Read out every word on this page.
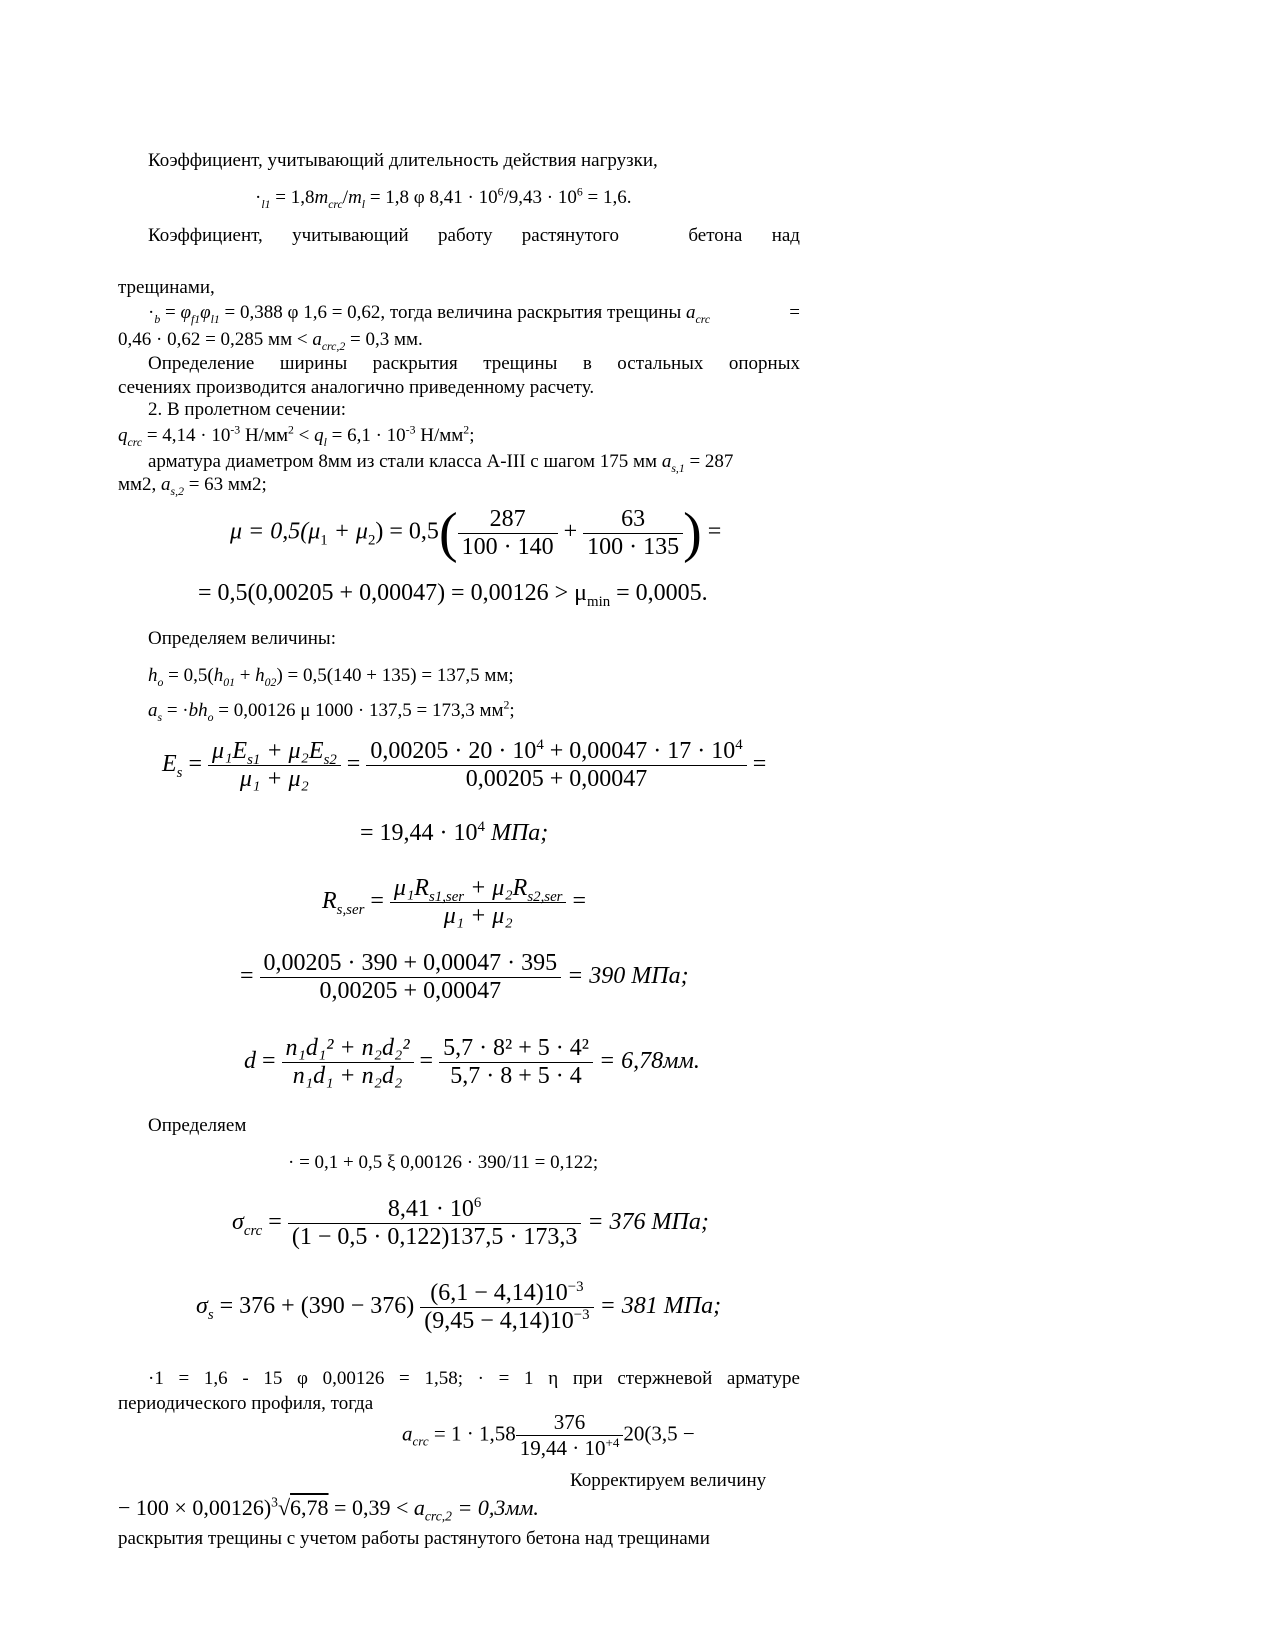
Коэффициент, учитывающий длительность действия нагрузки,
$\cdot_{l1} = 1,8m_{crc}/m_l = 1,8$ φ $8,41 \cdot 10^6/9,43 \cdot 10^6 = 1,6$.
Коэффициент, учитывающий работу растянутого	бетона над
трещинами,
$\cdot_b = \varphi_{f1}\varphi_{l1} = 0,388$ φ 1,6 = 0,62, тогда величина раскрытия трещины $a_{crc}$	=
0,46 · 0,62 = 0,285 мм < $a_{crc,2} = 0,3$ мм.
Определение ширины раскрытия трещины в остальных опорных
сечениях производится аналогично приведенному расчету.
2. В пролетном сечении:
$q_{crc} = 4,14 \cdot 10^{-3}$ $Н/мм^2 < q_l = 6,1 \cdot 10^{-3}$ $Н/мм^2$;
арматура диаметром 8мм из стали класса А-III с шагом 175 мм $a_{s,1} = 287$
мм2, $a_{s,2} = 63$ мм2;
$\mu = 0,5(\mu_1 + \mu_2) = 0,5( \frac{287}{100 \cdot 140} + \frac{63}{100 \cdot 135}$ ) =
= $0,5(0,00205 + 0,00047) = 0,00126 > \mu_{min} = 0,0005$.
Определяем величины:
$h_o = 0,5(h_{01} + h_{02}) = 0,5(140 + 135) = 137,5$ мм;
$a_s = \cdot bh_o = 0,00126$ μ 1000 · 137,5 = 173,3 $мм^2$;
$E_s = \frac{\mu_1E_{s1} + \mu_2E_{s2}}{\text{μ₁ + μ₂}} = \frac{0,00205 \cdot 20 \cdot 10^4 + 0,00047 \cdot 17 \cdot 10^4}{0,00205 + 0,00047}$ =
= $19,44 \cdot 10^4$ МПа;
$R_{s,ser} = \frac{\mu_1R_{s1,ser} + \mu_2R_{s2,ser}}{\text{μ₁ + μ₂}}$ =
= $\frac{0,00205 \cdot 390 + 0,00047 \cdot 395}{0,00205 + 0,00047} = 390$ МПа;
$d = \frac{\text{n₁d₁² + n₂d₂²}}{\text{n₁d₁ + n₂d₂}} = \frac{\text{5,7 · 8² + 5 · 4²}}{5,7 \cdot 8 + 5 \cdot 4} = 6,78мм$.
Определяем
· = 0,1 + 0,5 ξ 0,00126 · 390/11 = 0,122;
$\sigma_{crc} = \frac{8,41 \cdot 10^6}{(1 - 0,5 \cdot 0,122)137,5 \cdot 173,3} = 376$ МПа;
$\sigma_s = 376 + (390 - 376) \frac{(6,1 - 4,14)10^{-3}}{(9,45 - 4,14)10^{-3}} = 381$ МПа;
·1 = 1,6 - 15 φ 0,00126 = 1,58; · = 1 η при стержневой арматуре
периодического профиля, тогда
$a_{crc} = 1 \cdot 1,58 \frac{376}{19,44 \cdot 10^{+4}} 20(3,5$ −
Корректируем величину
− $100 \times 0,00126)^3√6,78 = 0,39 < a_{crc,2} = 0,3мм$.
раскрытия трещины с учетом работы растянутого бетона над трещинами
